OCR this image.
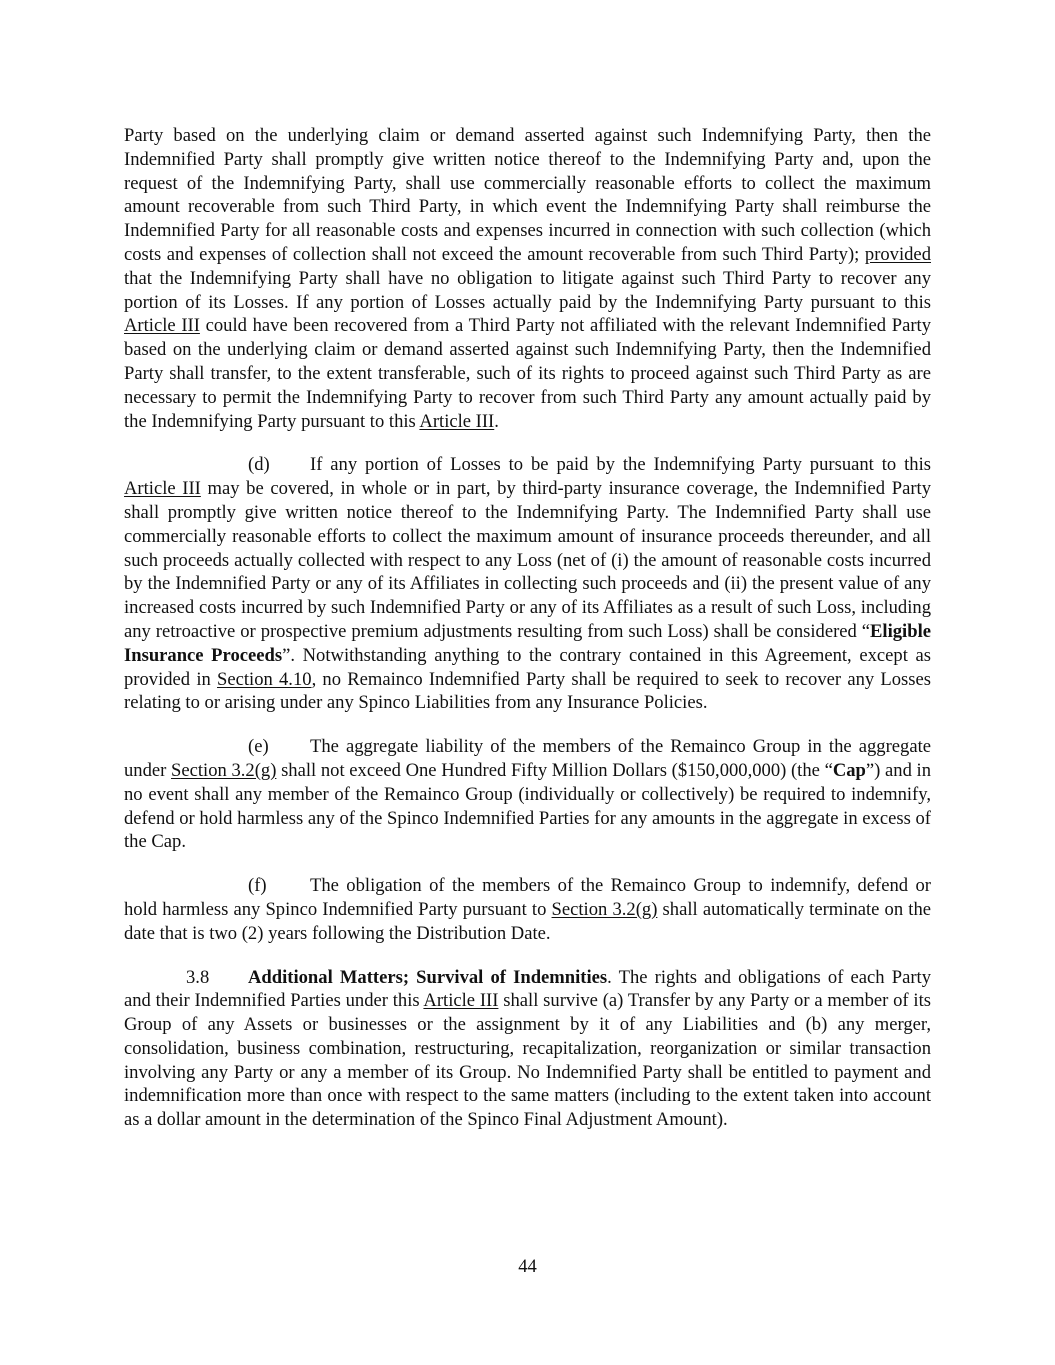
Party based on the underlying claim or demand asserted against such Indemnifying Party, then the Indemnified Party shall promptly give written notice thereof to the Indemnifying Party and, upon the request of the Indemnifying Party, shall use commercially reasonable efforts to collect the maximum amount recoverable from such Third Party, in which event the Indemnifying Party shall reimburse the Indemnified Party for all reasonable costs and expenses incurred in connection with such collection (which costs and expenses of collection shall not exceed the amount recoverable from such Third Party); provided that the Indemnifying Party shall have no obligation to litigate against such Third Party to recover any portion of its Losses. If any portion of Losses actually paid by the Indemnifying Party pursuant to this Article III could have been recovered from a Third Party not affiliated with the relevant Indemnified Party based on the underlying claim or demand asserted against such Indemnifying Party, then the Indemnified Party shall transfer, to the extent transferable, such of its rights to proceed against such Third Party as are necessary to permit the Indemnifying Party to recover from such Third Party any amount actually paid by the Indemnifying Party pursuant to this Article III.

(d) If any portion of Losses to be paid by the Indemnifying Party pursuant to this Article III may be covered, in whole or in part, by third-party insurance coverage, the Indemnified Party shall promptly give written notice thereof to the Indemnifying Party. The Indemnified Party shall use commercially reasonable efforts to collect the maximum amount of insurance proceeds thereunder, and all such proceeds actually collected with respect to any Loss (net of (i) the amount of reasonable costs incurred by the Indemnified Party or any of its Affiliates in collecting such proceeds and (ii) the present value of any increased costs incurred by such Indemnified Party or any of its Affiliates as a result of such Loss, including any retroactive or prospective premium adjustments resulting from such Loss) shall be considered “Eligible Insurance Proceeds”. Notwithstanding anything to the contrary contained in this Agreement, except as provided in Section 4.10, no Remainco Indemnified Party shall be required to seek to recover any Losses relating to or arising under any Spinco Liabilities from any Insurance Policies.

(e) The aggregate liability of the members of the Remainco Group in the aggregate under Section 3.2(g) shall not exceed One Hundred Fifty Million Dollars ($150,000,000) (the “Cap”) and in no event shall any member of the Remainco Group (individually or collectively) be required to indemnify, defend or hold harmless any of the Spinco Indemnified Parties for any amounts in the aggregate in excess of the Cap.

(f) The obligation of the members of the Remainco Group to indemnify, defend or hold harmless any Spinco Indemnified Party pursuant to Section 3.2(g) shall automatically terminate on the date that is two (2) years following the Distribution Date.

3.8 Additional Matters; Survival of Indemnities. The rights and obligations of each Party and their Indemnified Parties under this Article III shall survive (a) Transfer by any Party or a member of its Group of any Assets or businesses or the assignment by it of any Liabilities and (b) any merger, consolidation, business combination, restructuring, recapitalization, reorganization or similar transaction involving any Party or any a member of its Group. No Indemnified Party shall be entitled to payment and indemnification more than once with respect to the same matters (including to the extent taken into account as a dollar amount in the determination of the Spinco Final Adjustment Amount).

44
